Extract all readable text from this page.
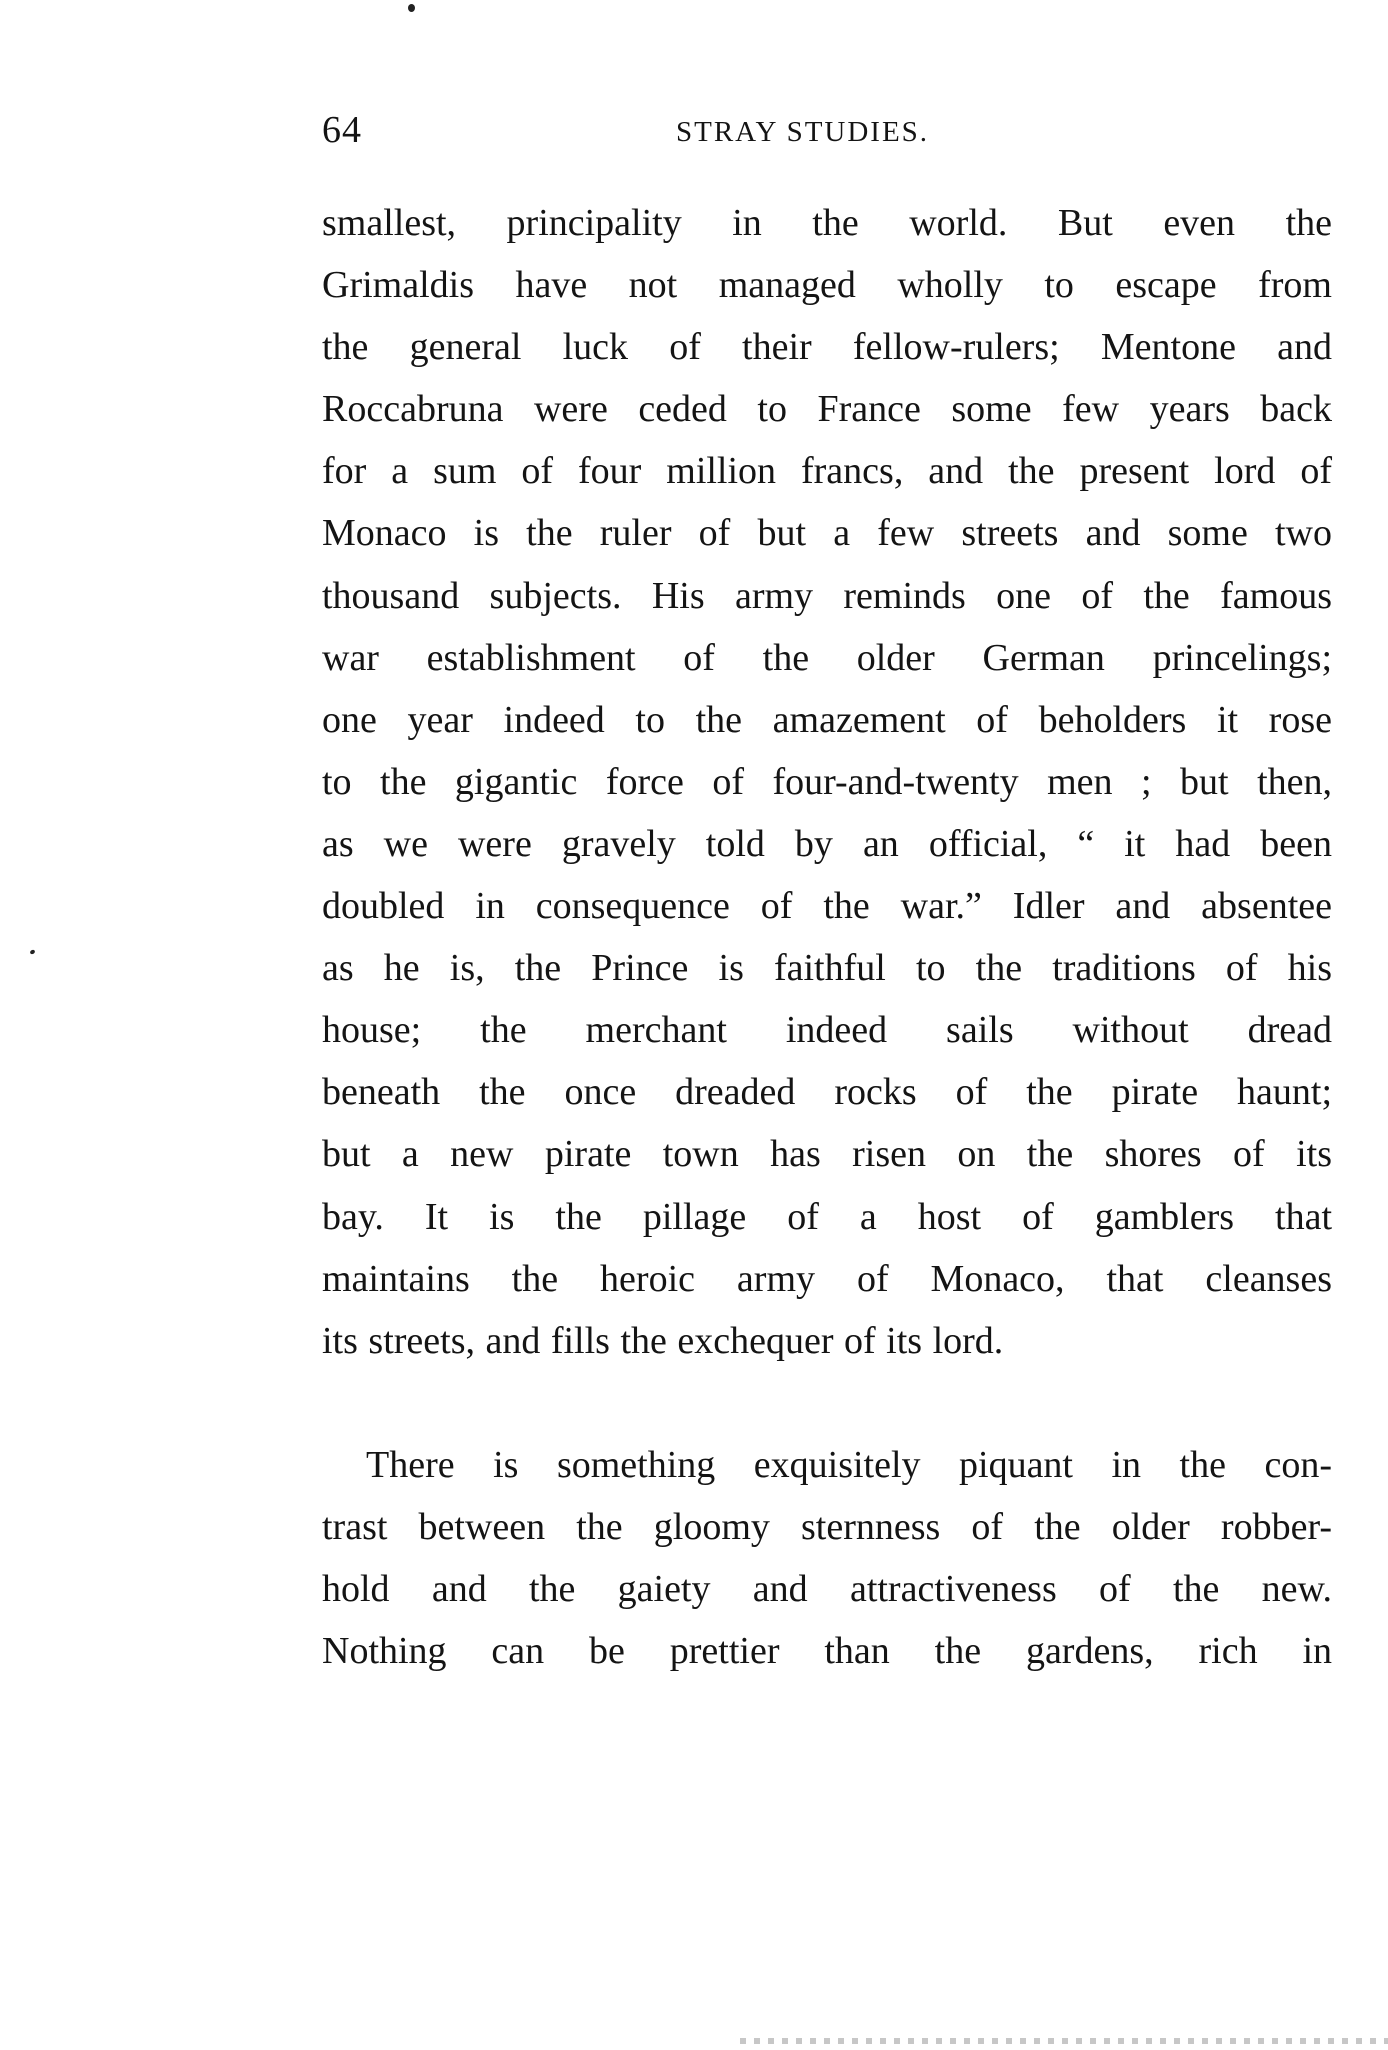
64	STRAY STUDIES.
smallest, principality in the world. But even the
Grimaldis have not managed wholly to escape from
the general luck of their fellow-rulers; Mentone and
Roccabruna were ceded to France some few years back
for a sum of four million francs, and the present lord of
Monaco is the ruler of but a few streets and some two
thousand subjects. His army reminds one of the famous
war establishment of the older German princelings;
one year indeed to the amazement of beholders it rose
to the gigantic force of four-and-twenty men ; but then,
as we were gravely told by an official, “ it had been
doubled in consequence of the war.” Idler and absentee
as he is, the Prince is faithful to the traditions of his
house; the merchant indeed sails without dread
beneath the once dreaded rocks of the pirate haunt;
but a new pirate town has risen on the shores of its
bay. It is the pillage of a host of gamblers that
maintains the heroic army of Monaco, that cleanses
its streets, and fills the exchequer of its lord.
There is something exquisitely piquant in the con-
trast between the gloomy sternness of the older robber-
hold and the gaiety and attractiveness of the new.
Nothing can be prettier than the gardens, rich in
